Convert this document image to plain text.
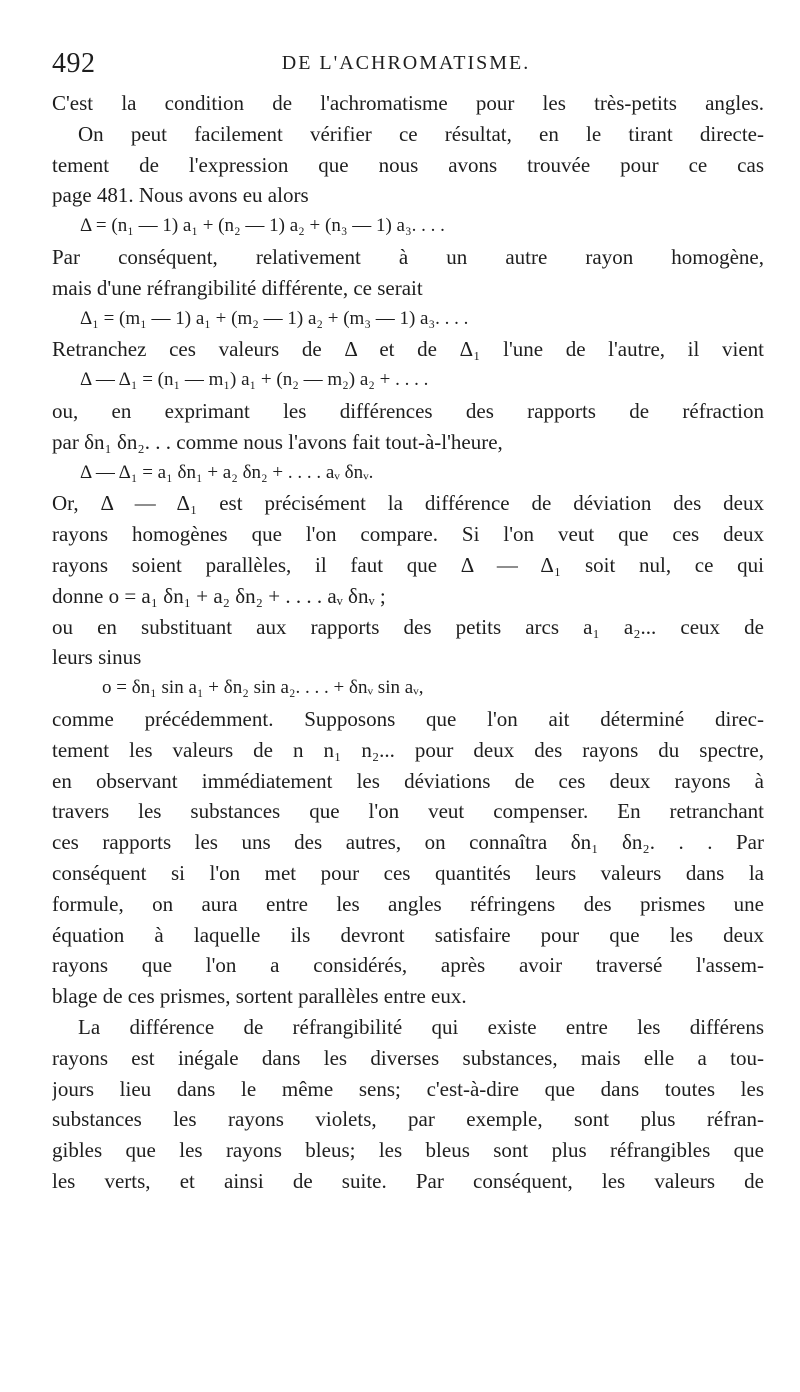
492	DE L'ACHROMATISME.
C'est la condition de l'achromatisme pour les très-petits angles.
On peut facilement vérifier ce résultat, en le tirant directe-
tement de l'expression que nous avons trouvée pour ce cas
page 481. Nous avons eu alors
Δ = (n₁ — 1) a₁ + (n₂ — 1) a₂ + (n₃ — 1) a₃. . . .
Par conséquent, relativement à un autre rayon homogène,
mais d'une réfrangibilité différente, ce serait
Δ₁ = (m₁ — 1) a₁ + (m₂ — 1) a₂ + (m₃ — 1) a₃. . . .
Retranchez ces valeurs de Δ et de Δ₁ l'une de l'autre, il vient
Δ — Δ₁ = (n₁ — m₁) a₁ + (n₂ — m₂) a₂ + . . . .
ou, en exprimant les différences des rapports de réfraction
par δn₁ δn₂. . . comme nous l'avons fait tout-à-l'heure,
Δ — Δ₁ = a₁ δn₁ + a₂ δn₂ + . . . . aᵥ δnᵥ.
Or, Δ — Δ₁ est précisément la différence de déviation des deux
rayons homogènes que l'on compare. Si l'on veut que ces deux
rayons soient parallèles, il faut que Δ — Δ₁ soit nul, ce qui
donne o = a₁ δn₁ + a₂ δn₂ + . . . . aᵥ δnᵥ ;
ou en substituant aux rapports des petits arcs a₁ a₂... ceux de
leurs sinus
o = δn₁ sin a₁ + δn₂ sin a₂. . . . + δnᵥ sin aᵥ,
comme précédemment. Supposons que l'on ait déterminé direc-
tement les valeurs de n n₁ n₂... pour deux des rayons du spectre,
en observant immédiatement les déviations de ces deux rayons à
travers les substances que l'on veut compenser. En retranchant
ces rapports les uns des autres, on connaîtra δn₁ δn₂. . . Par
conséquent si l'on met pour ces quantités leurs valeurs dans la
formule, on aura entre les angles réfringens des prismes une
équation à laquelle ils devront satisfaire pour que les deux
rayons que l'on a considérés, après avoir traversé l'assem-
blage de ces prismes, sortent parallèles entre eux.
La différence de réfrangibilité qui existe entre les différens
rayons est inégale dans les diverses substances, mais elle a tou-
jours lieu dans le même sens; c'est-à-dire que dans toutes les
substances les rayons violets, par exemple, sont plus réfran-
gibles que les rayons bleus; les bleus sont plus réfrangibles que
les verts, et ainsi de suite. Par conséquent, les valeurs de
